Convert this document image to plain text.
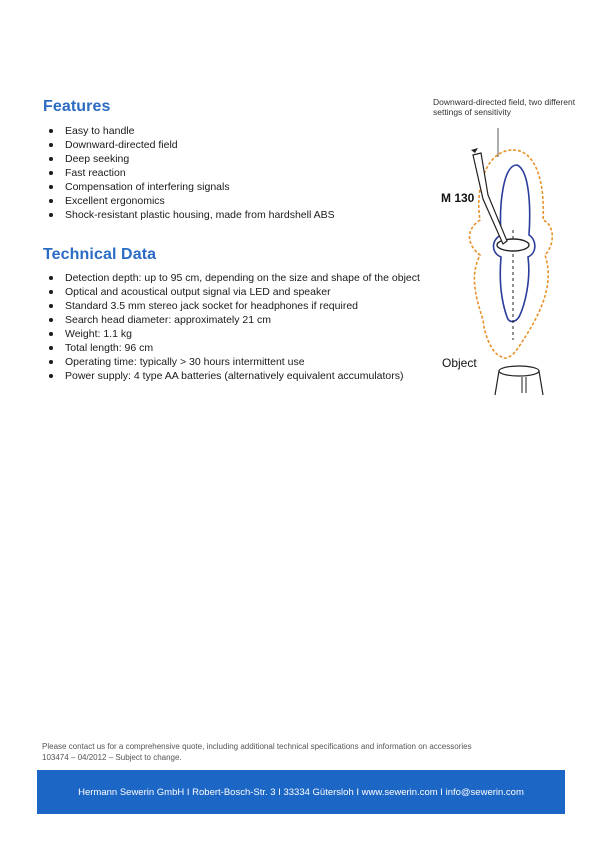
Features
Easy to handle
Downward-directed field
Deep seeking
Fast reaction
Compensation of interfering signals
Excellent ergonomics
Shock-resistant plastic housing, made from hardshell ABS
Technical Data
Detection depth: up to 95 cm, depending on the size and shape of the object
Optical and acoustical output signal via LED and speaker
Standard 3.5 mm stereo jack socket for headphones if required
Search head diameter: approximately 21 cm
Weight: 1.1 kg
Total length: 96 cm
Operating time: typically > 30 hours intermittent use
Power supply: 4 type AA batteries (alternatively equivalent accumulators)
Downward-directed field, two different settings of sensitivity
M 130
Object
Please contact us for a comprehensive quote, including additional technical specifications and information on accessories
103474 – 04/2012 – Subject to change.
Hermann Sewerin GmbH I Robert-Bosch-Str. 3 I 33334 Gütersloh I www.sewerin.com I info@sewerin.com
